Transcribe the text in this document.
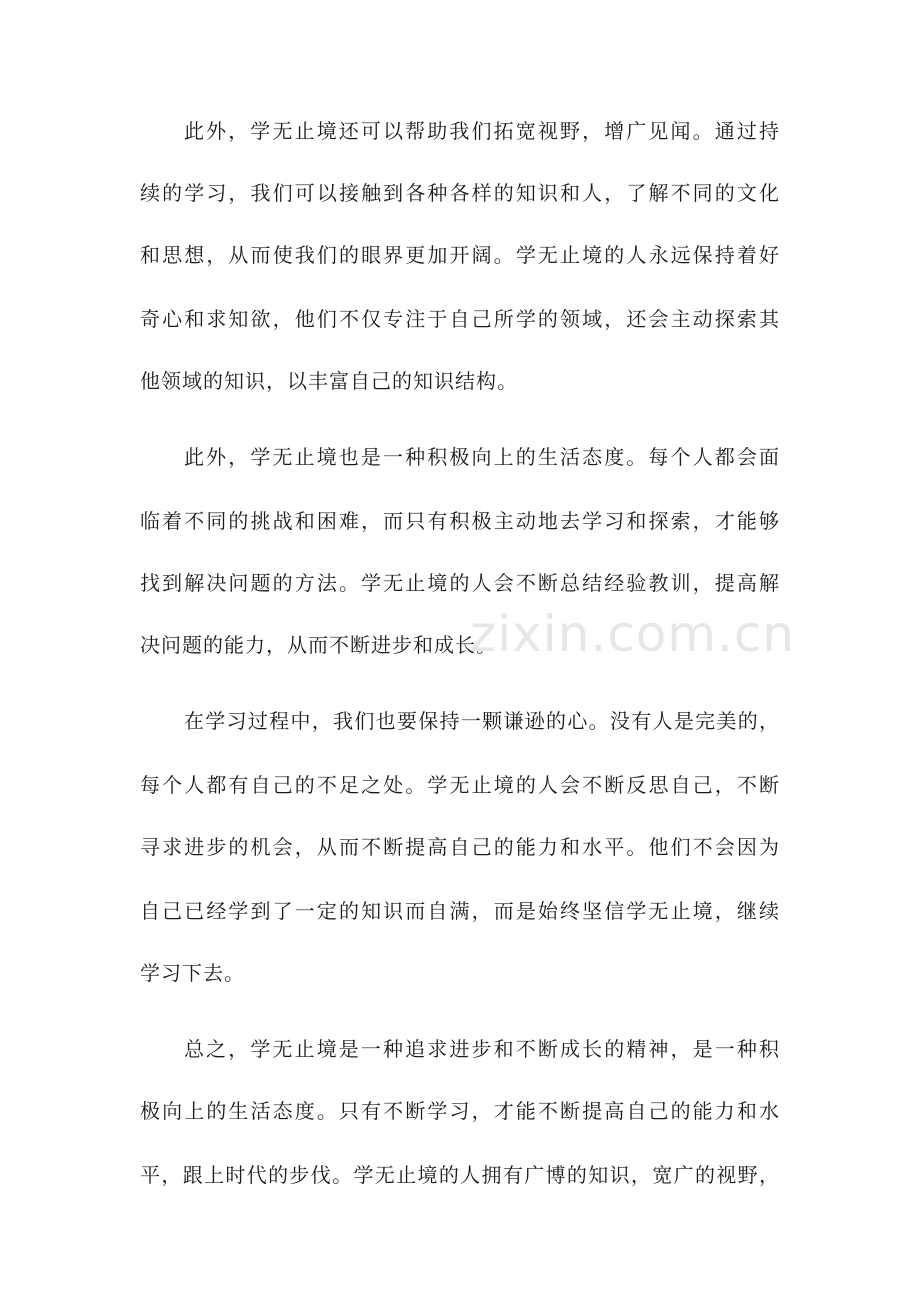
此外，学无止境还可以帮助我们拓宽视野，增广见闻。通过持
续的学习，我们可以接触到各种各样的知识和人，了解不同的文化
和思想，从而使我们的眼界更加开阔。学无止境的人永远保持着好
奇心和求知欲，他们不仅专注于自己所学的领域，还会主动探索其
他领域的知识，以丰富自己的知识结构。
此外，学无止境也是一种积极向上的生活态度。每个人都会面
临着不同的挑战和困难，而只有积极主动地去学习和探索，才能够
找到解决问题的方法。学无止境的人会不断总结经验教训，提高解
决问题的能力，从而不断进步和成长。
在学习过程中，我们也要保持一颗谦逊的心。没有人是完美的，
每个人都有自己的不足之处。学无止境的人会不断反思自己，不断
寻求进步的机会，从而不断提高自己的能力和水平。他们不会因为
自己已经学到了一定的知识而自满，而是始终坚信学无止境，继续
学习下去。
总之，学无止境是一种追求进步和不断成长的精神，是一种积
极向上的生活态度。只有不断学习，才能不断提高自己的能力和水
平，跟上时代的步伐。学无止境的人拥有广博的知识，宽广的视野，
zixin.com.cn
